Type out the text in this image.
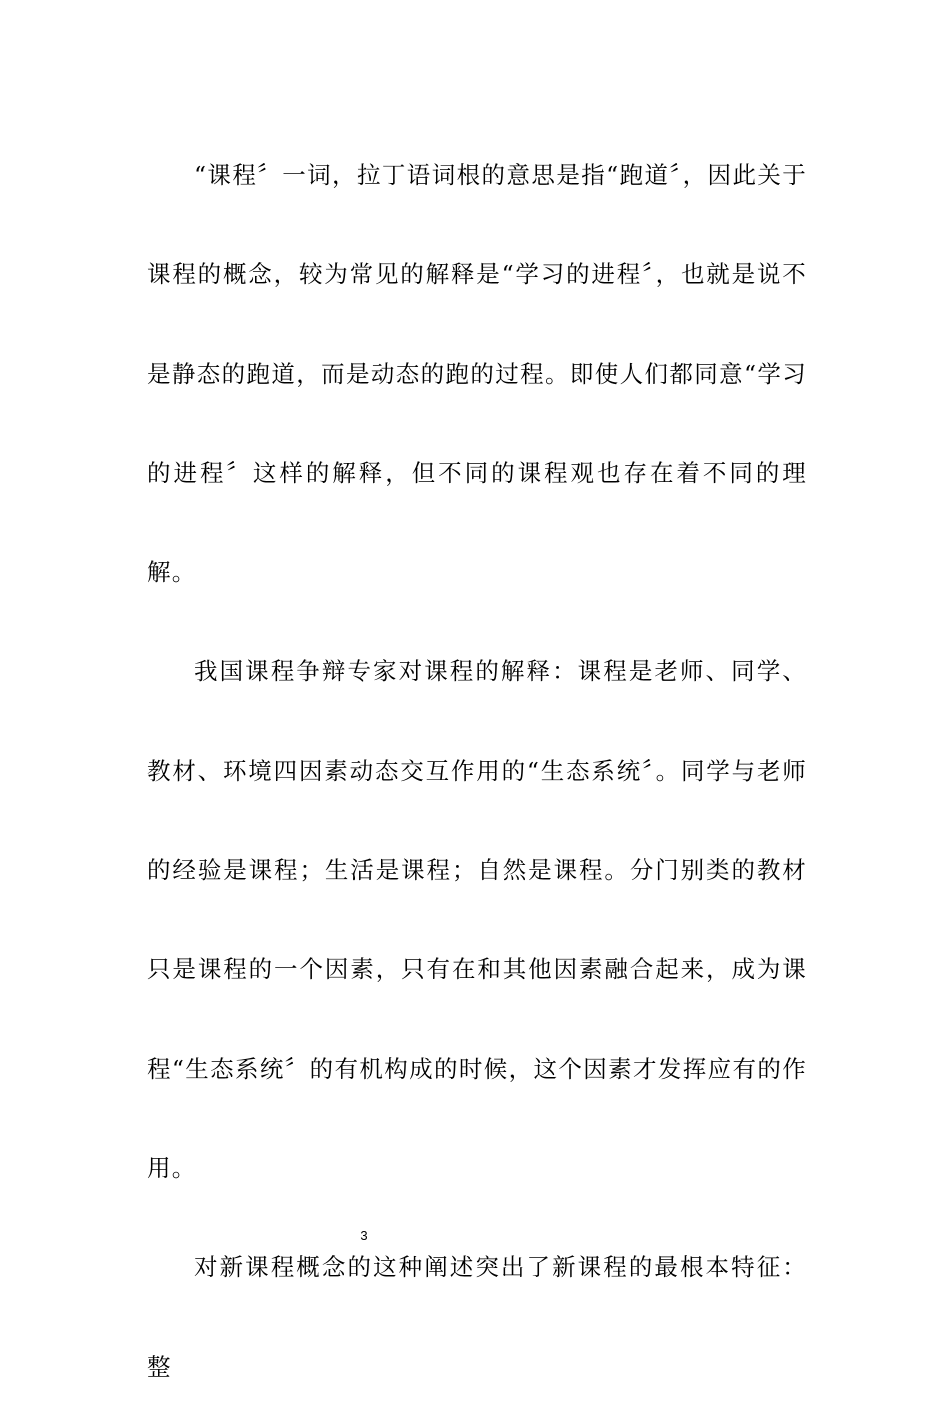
“课程〞一词，拉丁语词根的意思是指“跑道〞，因此关于课程的概念，较为常见的解释是“学习的进程〞，也就是说不是静态的跑道，而是动态的跑的过程。即使人们都同意“学习的进程〞这样的解释，但不同的课程观也存在着不同的理解。

我国课程争辩专家对课程的解释：课程是老师、同学、教材、环境四因素动态交互作用的“生态系统〞。同学与老师的经验是课程；生活是课程；自然是课程。分门别类的教材只是课程的一个因素，只有在和其他因素融合起来，成为课程“生态系统〞的有机构成的时候，这个因素才发挥应有的作用。

对新课程概念的这种阐述突出了新课程的最根本特征：整

3
